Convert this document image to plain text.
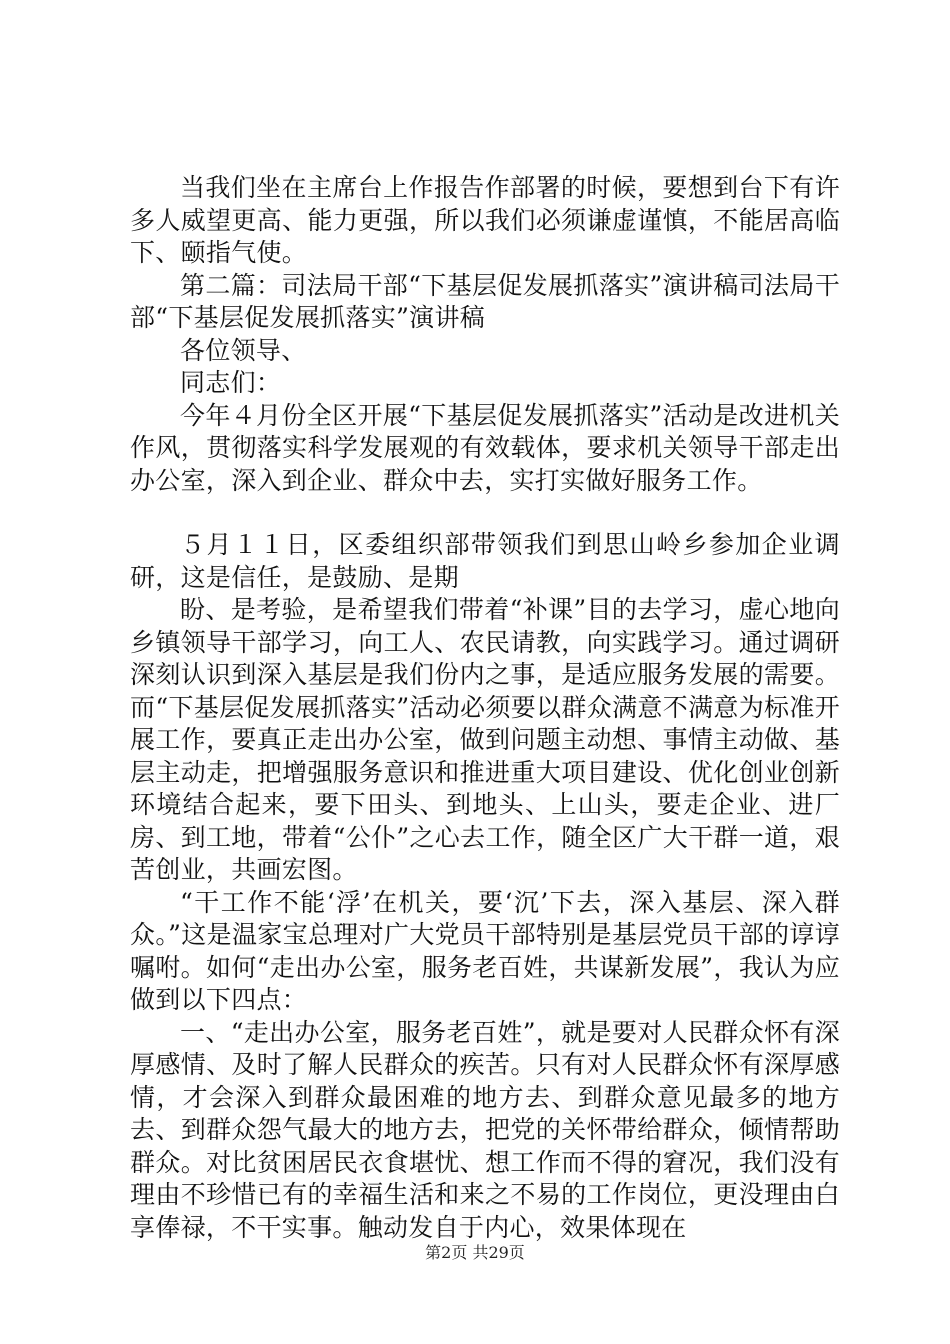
当我们坐在主席台上作报告作部署的时候，要想到台下有许多人威望更高、能力更强，所以我们必须谦虚谨慎，不能居高临下、颐指气使。

第二篇：司法局干部“下基层促发展抓落实”演讲稿司法局干部“下基层促发展抓落实”演讲稿

各位领导、

同志们：

今年４月份全区开展“下基层促发展抓落实”活动是改进机关作风，贯彻落实科学发展观的有效载体，要求机关领导干部走出办公室，深入到企业、群众中去，实打实做好服务工作。

５月１１日，区委组织部带领我们到思山岭乡参加企业调研，这是信任，是鼓励、是期

盼、是考验，是希望我们带着“补课”目的去学习，虚心地向乡镇领导干部学习，向工人、农民请教，向实践学习。通过调研深刻认识到深入基层是我们份内之事，是适应服务发展的需要。而“下基层促发展抓落实”活动必须要以群众满意不满意为标准开展工作，要真正走出办公室，做到问题主动想、事情主动做、基层主动走，把增强服务意识和推进重大项目建设、优化创业创新环境结合起来，要下田头、到地头、上山头，要走企业、进厂房、到工地，带着“公仆”之心去工作，随全区广大干群一道，艰苦创业，共画宏图。

“干工作不能‘浮’在机关，要‘沉’下去，深入基层、深入群众。”这是温家宝总理对广大党员干部特别是基层党员干部的谆谆嘱咐。如何“走出办公室，服务老百姓，共谋新发展”，我认为应做到以下四点：

一、“走出办公室，服务老百姓”，就是要对人民群众怀有深厚感情、及时了解人民群众的疾苦。只有对人民群众怀有深厚感情，才会深入到群众最困难的地方去、到群众意见最多的地方去、到群众怨气最大的地方去，把党的关怀带给群众，倾情帮助群众。对比贫困居民衣食堪忧、想工作而不得的窘况，我们没有理由不珍惜已有的幸福生活和来之不易的工作岗位，更没理由白享俸禄，不干实事。触动发自于内心，效果体现在

第2页 共29页
